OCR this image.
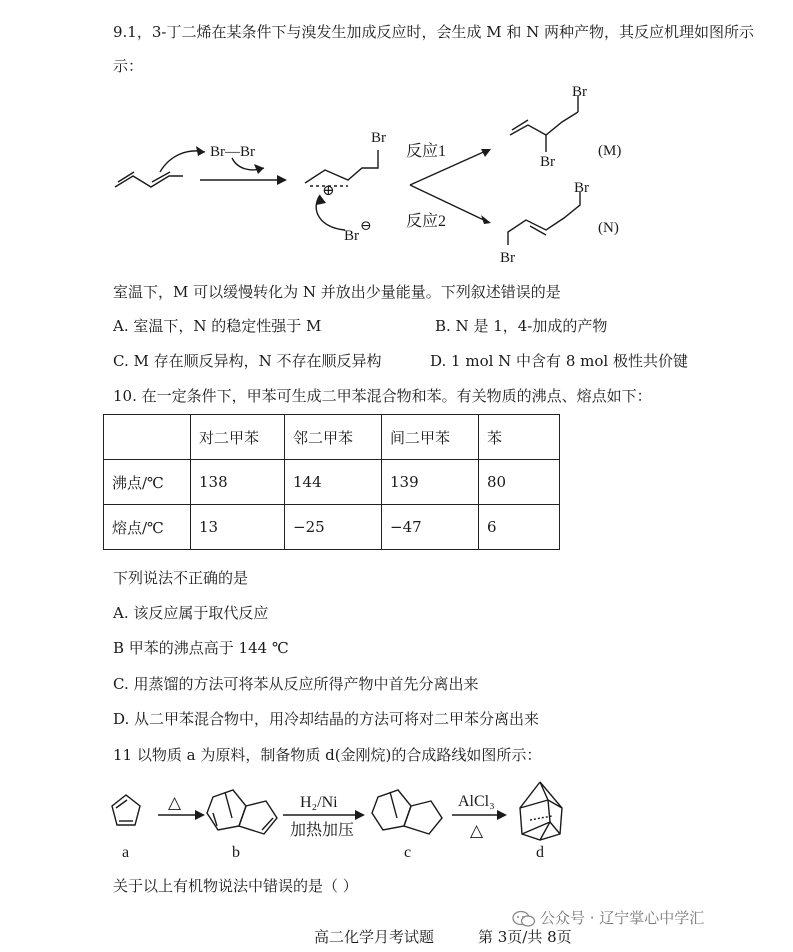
9.1，3-丁二烯在某条件下与溴发生加成反应时，会生成 M 和 N 两种产物，其反应机理如图所示
示：
Br—Br
Br
⊕
Br
⊖
反应1
反应2
Br
Br
(M)
Br
Br
(N)
室温下，M 可以缓慢转化为 N 并放出少量能量。下列叙述错误的是
A. 室温下，N 的稳定性强于 M	B. N 是 1，4-加成的产物
C. M 存在顺反异构，N 不存在顺反异构	D. 1 mol N 中含有 8 mol 极性共价键
10. 在一定条件下，甲苯可生成二甲苯混合物和苯。有关物质的沸点、熔点如下：
	对二甲苯	邻二甲苯	间二甲苯	苯
沸点/℃	138	144	139	80
熔点/℃	13	−25	−47	6
下列说法不正确的是
A. 该反应属于取代反应
B 甲苯的沸点高于 144 ℃
C. 用蒸馏的方法可将苯从反应所得产物中首先分离出来
D. 从二甲苯混合物中，用冷却结晶的方法可将对二甲苯分离出来
11 以物质 a 为原料，制备物质 d(金刚烷)的合成路线如图所示：
△	H₂/Ni
加热加压
AlCl₃
△
a	b	c	d
关于以上有机物说法中错误的是（ ）
高二化学月考试题	第 3页/共 8页
公众号 · 辽宁掌心中学汇
